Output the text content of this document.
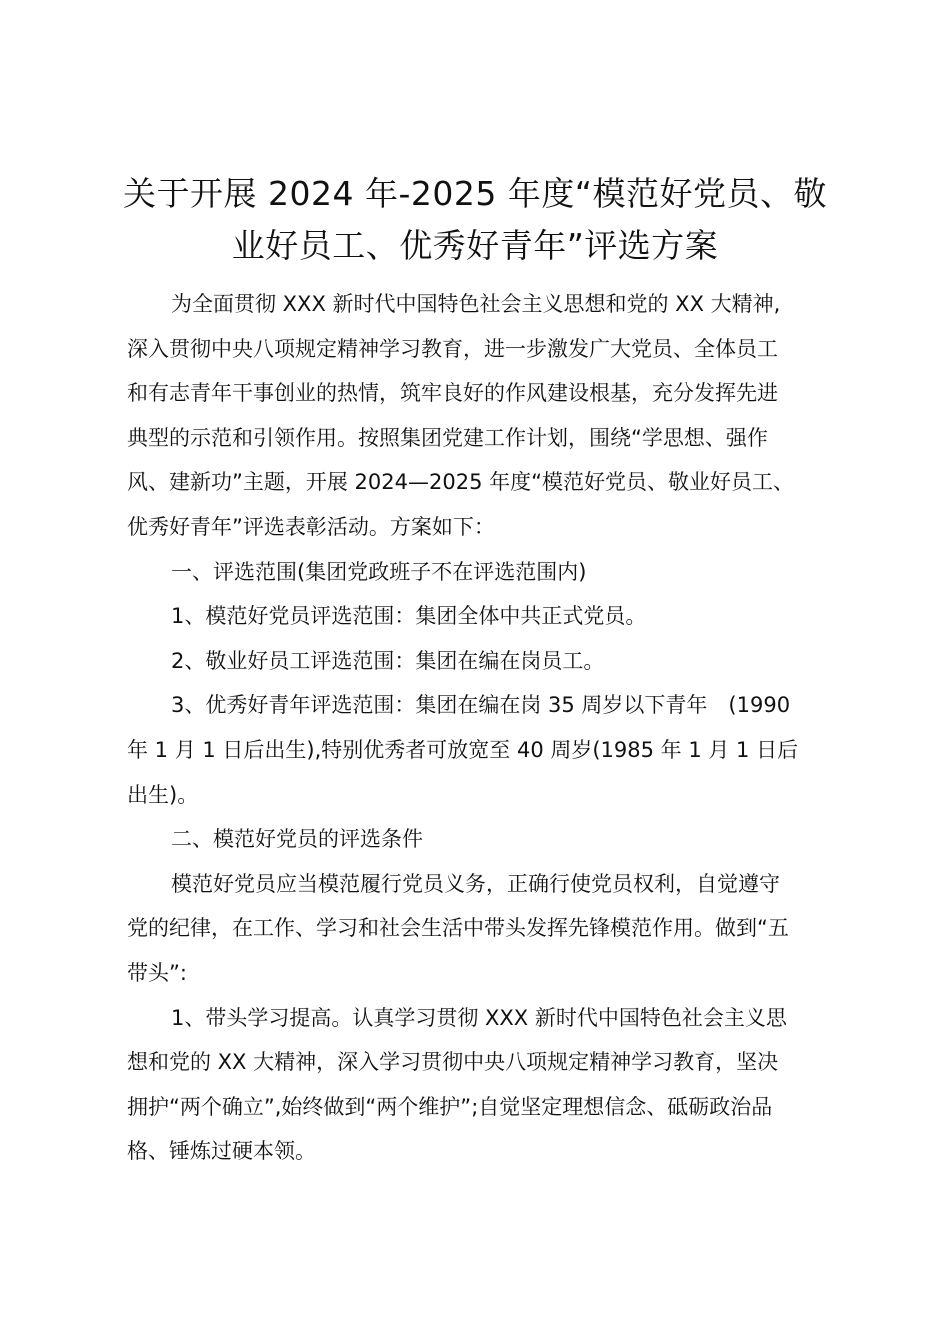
关于开展 2024 年-2025 年度“模范好党员、敬
业好员工、优秀好青年”评选方案
为全面贯彻 XXX 新时代中国特色社会主义思想和党的 XX 大精神,
深入贯彻中央八项规定精神学习教育，进一步激发广大党员、全体员工
和有志青年干事创业的热情，筑牢良好的作风建设根基，充分发挥先进
典型的示范和引领作用。按照集团党建工作计划，围绕“学思想、强作
风、建新功”主题，开展 2024—2025 年度“模范好党员、敬业好员工、
优秀好青年”评选表彰活动。方案如下：
一、评选范围(集团党政班子不在评选范围内)
1、模范好党员评选范围：集团全体中共正式党员。
2、敬业好员工评选范围：集团在编在岗员工。
3、优秀好青年评选范围：集团在编在岗 35 周岁以下青年　(1990
年 1 月 1 日后出生),特别优秀者可放宽至 40 周岁(1985 年 1 月 1 日后
出生)。
二、模范好党员的评选条件
模范好党员应当模范履行党员义务，正确行使党员权利，自觉遵守
党的纪律，在工作、学习和社会生活中带头发挥先锋模范作用。做到“五
带头”:
1、带头学习提高。认真学习贯彻 XXX 新时代中国特色社会主义思
想和党的 XX 大精神，深入学习贯彻中央八项规定精神学习教育，坚决
拥护“两个确立”,始终做到“两个维护”;自觉坚定理想信念、砥砺政治品
格、锤炼过硬本领。
